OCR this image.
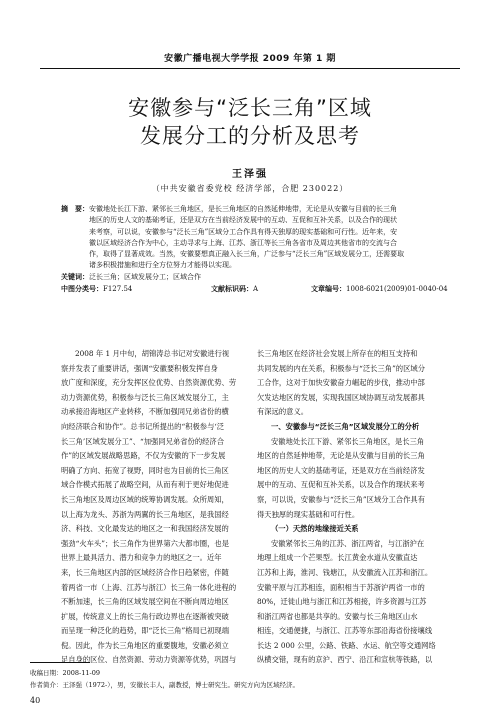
安徽广播电视大学学报 2009 年第 1 期
安徽参与“泛长三角”区域
发展分工的分析及思考
王泽强
（中共安徽省委党校 经济学部，合肥 230022）
摘　要：安徽地处长江下游、紧邻长三角地区，是长三角地区的自然延伸地带，无论是从安徽与目前的长三角
地区的历史人文的基础考证，还是双方在当前经济发展中的互动、互促和互补关系，以及合作的现状
来考察，可以说，安徽参与“泛长三角”区域分工合作具有得天独厚的现实基础和可行性。近年来，安
徽以区域经济合作为中心，主动寻求与上海、江苏、浙江等长三角各省市及周边其他省市的交流与合
作，取得了显著成效。当然，安徽要想真正融入长三角，广泛参与“泛长三角”区域发展分工，还需要取
诸多积极措施和进行全方位努力才能得以实现。
关键词：泛长三角；区域发展分工；区域合作
中图分类号：F127.54	文献标识码：A	文章编号：1008-6021(2009)01-0040-04
2008 年 1 月中旬，胡锦涛总书记对安徽进行视
察并发表了重要讲话，强调“安徽要积极发挥自身
放广度和深度，充分发挥区位优势、自然资源优势、劳
动力资源优势，积极参与泛长三角区域发展分工，主
动承接沿海地区产业转移，不断加强同兄弟省份的横
向经济联合和协作”。总书记所提出的“积极参与‘泛
长三角’区域发展分工”、“加强同兄弟省份的经济合
作”的区域发展战略思路，不仅为安徽的下一步发展
明确了方向、拓宽了视野，同时也为目前的长三角区
域合作模式拓展了战略空间，从而有利于更好地促进
长三角地区及周边区域的统筹协调发展。众所周知，
以上海为龙头、苏浙为两翼的长三角地区，是我国经
济、科技、文化最发达的地区之一和我国经济发展的
强劲“火车头”；长三角作为世界第六大都市圈，也是
世界上最具活力、潜力和竞争力的地区之一。近年
来，长三角地区内部的区域经济合作日趋紧密，伴随
着两省一市（上海、江苏与浙江）长三角一体化进程的
不断加速，长三角的区域发展空间在不断向周边地区
扩展，传统意义上的长三角行政边界也在逐渐被突破
而呈现一种泛化的趋势，即“泛长三角”格局已初现端
倪。因此，作为长三角地区的重要腹地，安徽必须立
足自身的区位、自然资源、劳动力资源等优势，巩固与
长三角地区在经济社会发展上所存在的相互支持和
共同发展的内在关系，积极参与“泛长三角”的区域分
工合作，这对于加快安徽奋力崛起的步伐，推动中部
欠发达地区的发展，实现我国区域协调互动发展都具
有深远的意义。
一、安徽参与“泛长三角”区域发展分工的分析
安徽地处长江下游、紧邻长三角地区，是长三角
地区的自然延伸地带，无论是从安徽与目前的长三角
地区的历史人文的基础考证，还是双方在当前经济发
展中的互动、互促和互补关系，以及合作的现状来考
察，可以说，安徽参与“泛长三角”区域分工合作具有
得天独厚的现实基础和可行性。
（一）天然的地缘接近关系
安徽紧邻长三角的江苏、浙江两省，与江浙沪在
地理上组成一个芒果型。长江黄金水道从安徽直达
江苏和上海，淮河、钱塘江，从安徽流入江苏和浙江。
安徽平原与江苏相连，面积相当于苏浙沪两省一市的
80%，迁徙山地与浙江和江苏相接，许多资源与江苏
和浙江两省也都是共享的。安徽与长三角地区山水
相连，交通便捷，与浙江、江苏等东部沿海省份接壤线
长达 2 000 公里，公路、铁路、水运、航空等交通网络
纵横交错，现有的京沪、西宁、沿江和宣杭等铁路，以
收稿日期：2008-11-09
作者简介：王泽强（1972-），男，安徽长丰人，副教授，博士研究生。研究方向为区域经济。
40
